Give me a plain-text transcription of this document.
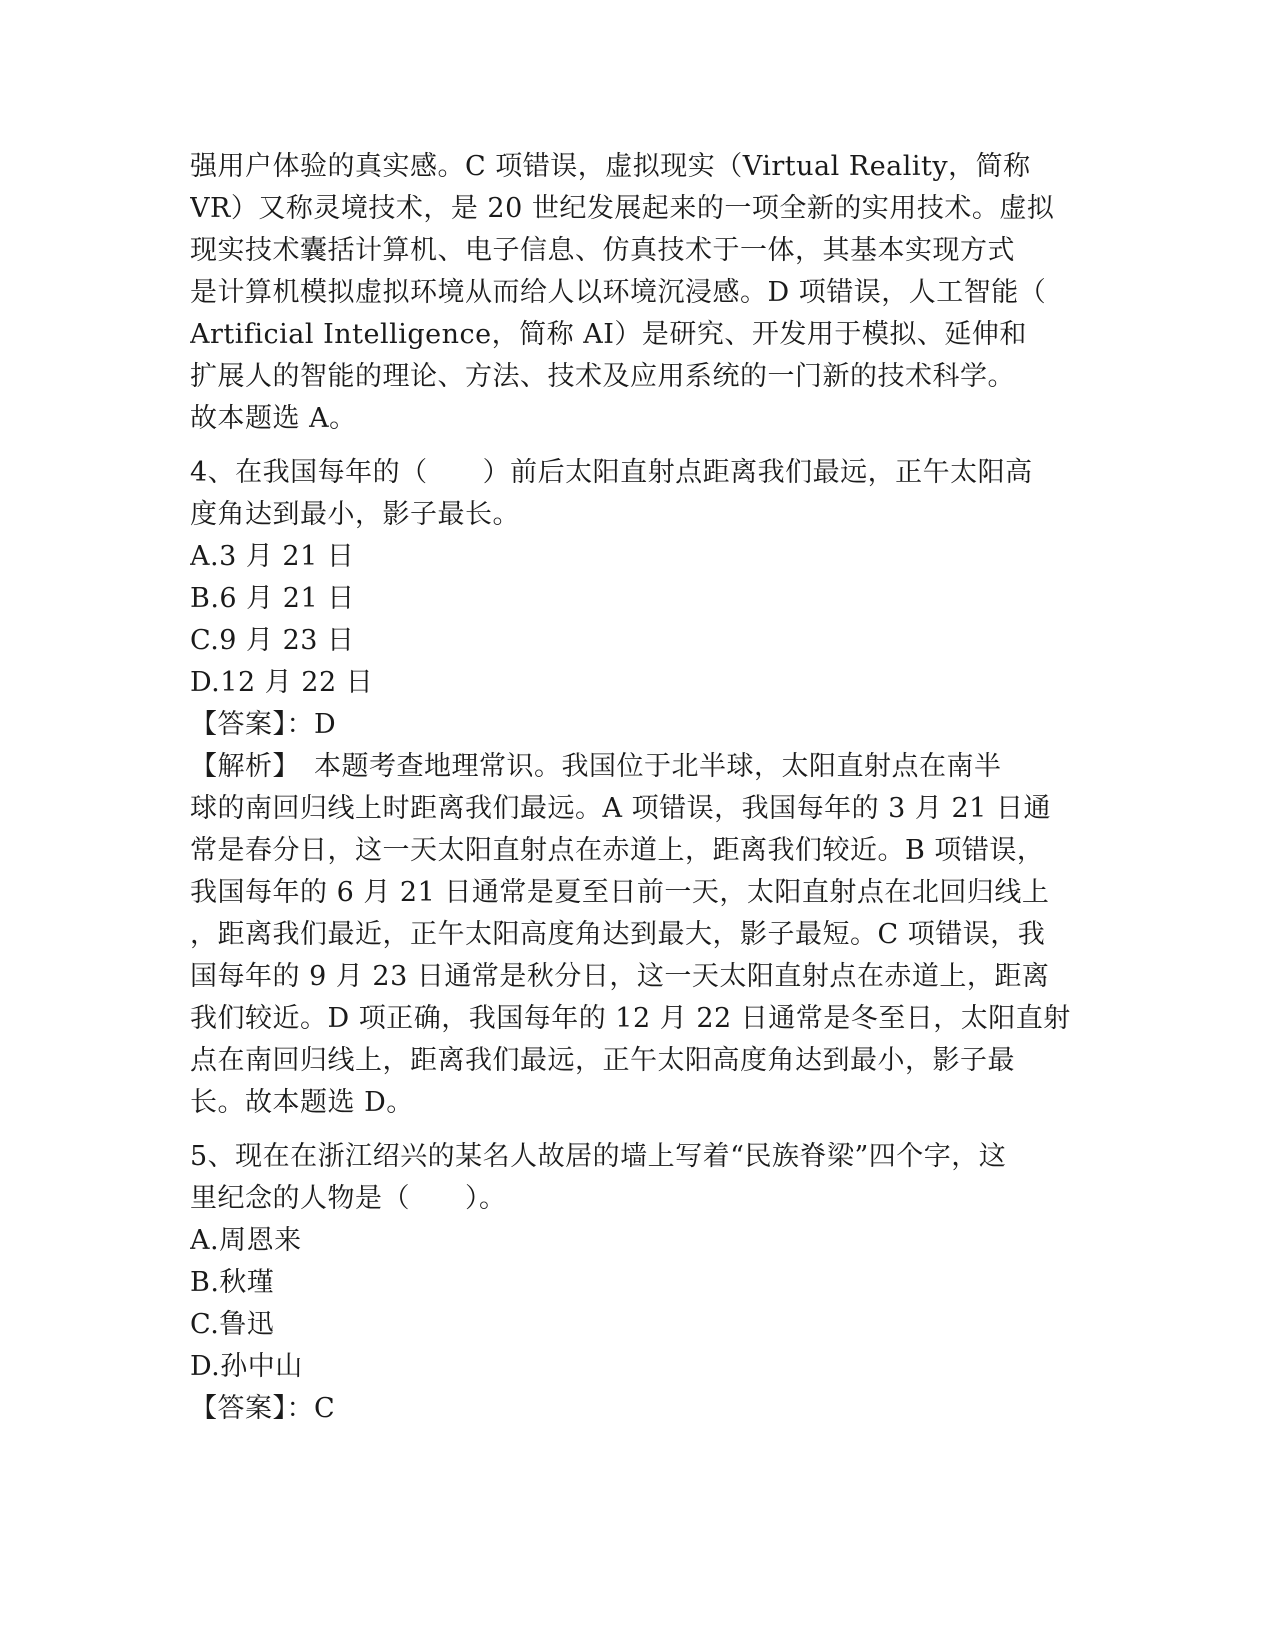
强用户体验的真实感。C 项错误，虚拟现实（Virtual Reality，简称
VR）又称灵境技术，是 20 世纪发展起来的一项全新的实用技术。虚拟
现实技术囊括计算机、电子信息、仿真技术于一体，其基本实现方式
是计算机模拟虚拟环境从而给人以环境沉浸感。D 项错误，人工智能（
Artificial Intelligence，简称 AI）是研究、开发用于模拟、延伸和
扩展人的智能的理论、方法、技术及应用系统的一门新的技术科学。
故本题选 A。
4、在我国每年的（　　）前后太阳直射点距离我们最远，正午太阳高
度角达到最小，影子最长。
A.3 月 21 日
B.6 月 21 日
C.9 月 23 日
D.12 月 22 日
【答案】：D
【解析】　本题考查地理常识。我国位于北半球，太阳直射点在南半
球的南回归线上时距离我们最远。A 项错误，我国每年的 3 月 21 日通
常是春分日，这一天太阳直射点在赤道上，距离我们较近。B 项错误，
我国每年的 6 月 21 日通常是夏至日前一天，太阳直射点在北回归线上
，距离我们最近，正午太阳高度角达到最大，影子最短。C 项错误，我
国每年的 9 月 23 日通常是秋分日，这一天太阳直射点在赤道上，距离
我们较近。D 项正确，我国每年的 12 月 22 日通常是冬至日，太阳直射
点在南回归线上，距离我们最远，正午太阳高度角达到最小，影子最
长。故本题选 D。
5、现在在浙江绍兴的某名人故居的墙上写着“民族脊梁”四个字，这
里纪念的人物是（　　）。
A.周恩来
B.秋瑾
C.鲁迅
D.孙中山
【答案】：C
